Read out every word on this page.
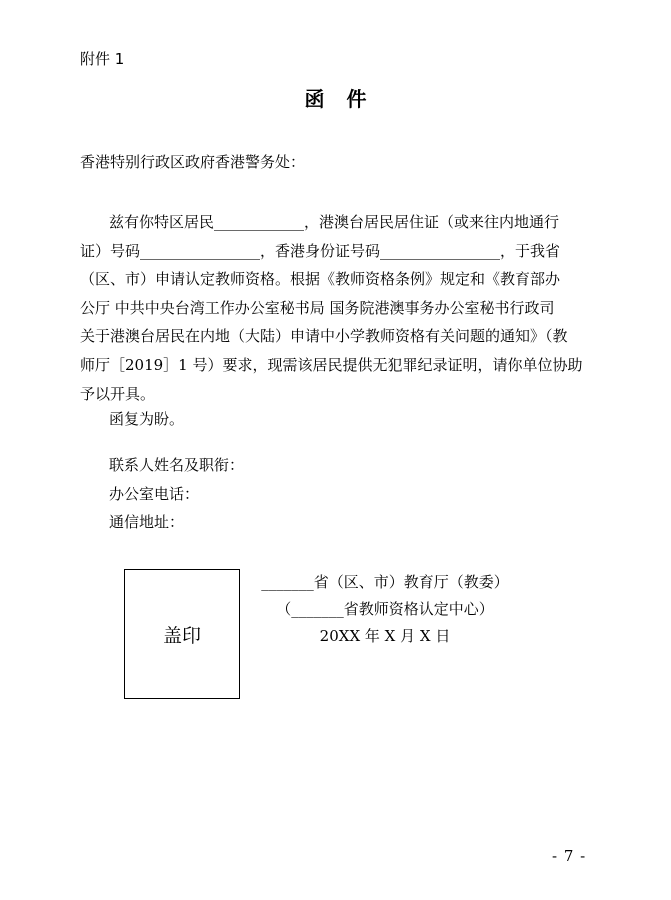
附件 1
函件
香港特别行政区政府香港警务处：
兹有你特区居民____________，港澳台居民居住证（或来往内地通行
证）号码________________，香港身份证号码________________，于我省
（区、市）申请认定教师资格。根据《教师资格条例》规定和《教育部办
公厅 中共中央台湾工作办公室秘书局 国务院港澳事务办公室秘书行政司
关于港澳台居民在内地（大陆）申请中小学教师资格有关问题的通知》（教
师厅［2019］1 号）要求，现需该居民提供无犯罪纪录证明，请你单位协助
予以开具。
函复为盼。
联系人姓名及职衔：
办公室电话：
通信地址：
盖印
_______省（区、市）教育厅（教委）
（_______省教师资格认定中心）
20XX 年 X 月 X 日
- 7 -
